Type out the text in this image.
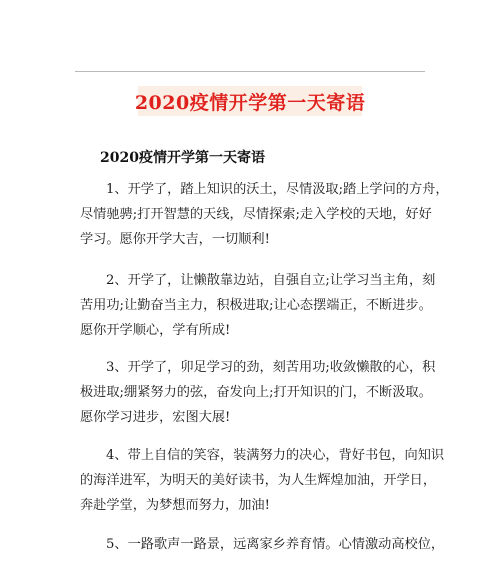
2020疫情开学第一天寄语
2020疫情开学第一天寄语
1、开学了，踏上知识的沃土，尽情汲取;踏上学问的方舟，
尽情驰骋;打开智慧的天线，尽情探索;走入学校的天地，好好
学习。愿你开学大吉，一切顺利!
2、开学了，让懒散靠边站，自强自立;让学习当主角，刻
苦用功;让勤奋当主力，积极进取;让心态摆端正，不断进步。
愿你开学顺心，学有所成!
3、开学了，卯足学习的劲，刻苦用功;收敛懒散的心，积
极进取;绷紧努力的弦，奋发向上;打开知识的门，不断汲取。
愿你学习进步，宏图大展!
4、带上自信的笑容，装满努力的决心，背好书包，向知识
的海洋进军，为明天的美好读书，为人生辉煌加油，开学日，
奔赴学堂，为梦想而努力，加油!
5、一路歌声一路景，远离家乡养育情。心情激动高校位，
